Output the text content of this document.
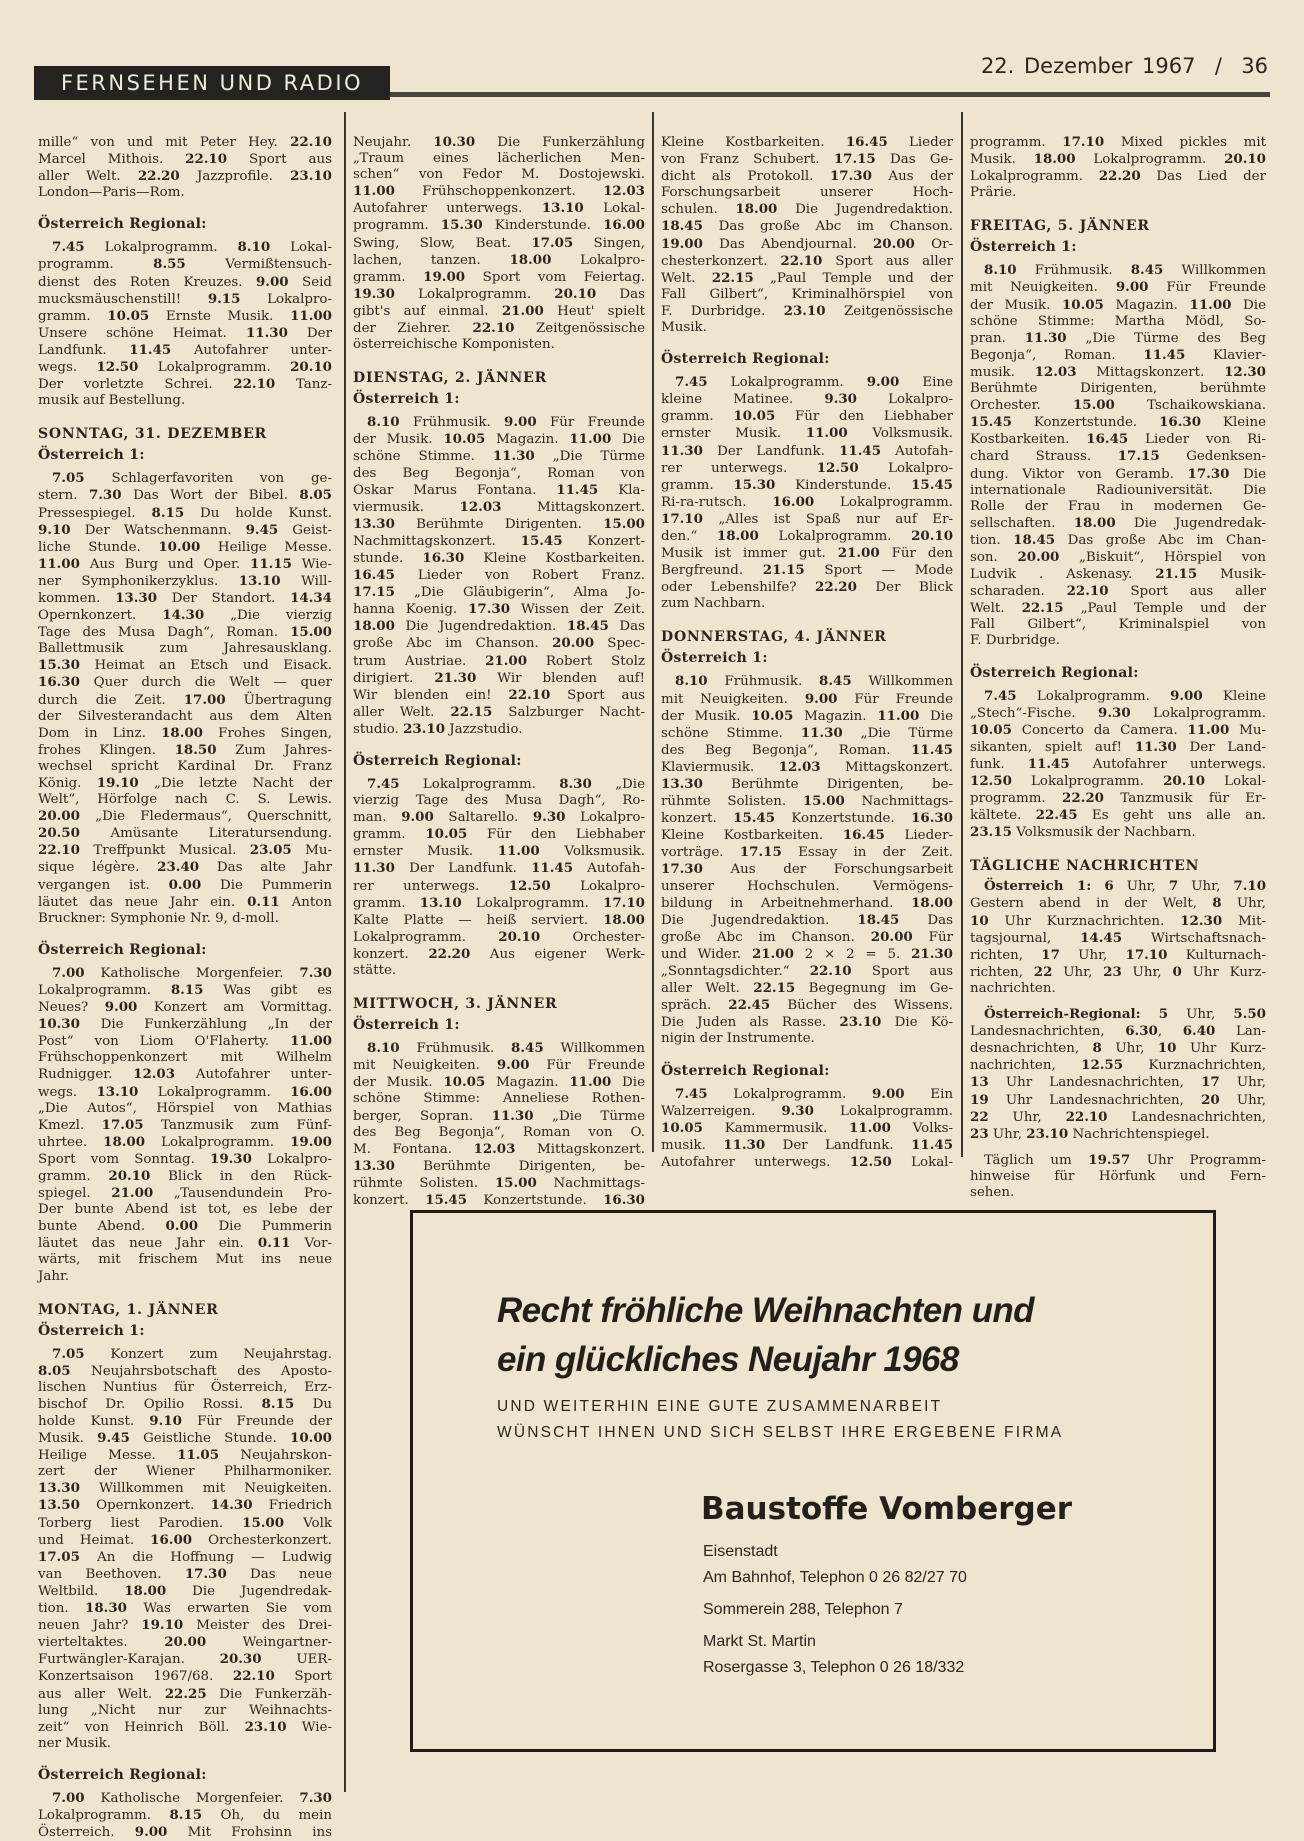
FERNSEHEN UND RADIO
22. Dezember 1967  /  36
mille“ von und mit Peter Hey. 22.10
Marcel Mithois. 22.10 Sport aus
aller Welt. 22.20 Jazzprofile. 23.10
London—Paris—Rom.
Österreich Regional:
7.45 Lokalprogramm. 8.10 Lokal-
programm. 8.55 Vermißtensuch-
dienst des Roten Kreuzes. 9.00 Seid
mucksmäuschenstill! 9.15 Lokalpro-
gramm. 10.05 Ernste Musik. 11.00
Unsere schöne Heimat. 11.30 Der
Landfunk. 11.45 Autofahrer unter-
wegs. 12.50 Lokalprogramm. 20.10
Der vorletzte Schrei. 22.10 Tanz-
musik auf Bestellung.
SONNTAG, 31. DEZEMBER
Österreich 1:
7.05 Schlagerfavoriten von ge-
stern. 7.30 Das Wort der Bibel. 8.05
Pressespiegel. 8.15 Du holde Kunst.
9.10 Der Watschenmann. 9.45 Geist-
liche Stunde. 10.00 Heilige Messe.
11.00 Aus Burg und Oper. 11.15 Wie-
ner Symphonikerzyklus. 13.10 Will-
kommen. 13.30 Der Standort. 14.34
Opernkonzert. 14.30 „Die vierzig
Tage des Musa Dagh“, Roman. 15.00
Ballettmusik zum Jahresausklang.
15.30 Heimat an Etsch und Eisack.
16.30 Quer durch die Welt — quer
durch die Zeit. 17.00 Übertragung
der Silvesterandacht aus dem Alten
Dom in Linz. 18.00 Frohes Singen,
frohes Klingen. 18.50 Zum Jahres-
wechsel spricht Kardinal Dr. Franz
König. 19.10 „Die letzte Nacht der
Welt“, Hörfolge nach C. S. Lewis.
20.00 „Die Fledermaus“, Querschnitt,
20.50 Amüsante Literatursendung.
22.10 Treffpunkt Musical. 23.05 Mu-
sique légère. 23.40 Das alte Jahr
vergangen ist. 0.00 Die Pummerin
läutet das neue Jahr ein. 0.11 Anton
Bruckner: Symphonie Nr. 9, d-moll.
Österreich Regional:
7.00 Katholische Morgenfeier. 7.30
Lokalprogramm. 8.15 Was gibt es
Neues? 9.00 Konzert am Vormittag.
10.30 Die Funkerzählung „In der
Post“ von Liom O'Flaherty. 11.00
Frühschoppenkonzert mit Wilhelm
Rudnigger. 12.03 Autofahrer unter-
wegs. 13.10 Lokalprogramm. 16.00
„Die Autos“, Hörspiel von Mathias
Kmezl. 17.05 Tanzmusik zum Fünf-
uhrtee. 18.00 Lokalprogramm. 19.00
Sport vom Sonntag. 19.30 Lokalpro-
gramm. 20.10 Blick in den Rück-
spiegel. 21.00 „Tausendundein Pro-
Der bunte Abend ist tot, es lebe der
bunte Abend. 0.00 Die Pummerin
läutet das neue Jahr ein. 0.11 Vor-
wärts, mit frischem Mut ins neue
Jahr.
MONTAG, 1. JÄNNER
Österreich 1:
7.05 Konzert zum Neujahrstag.
8.05 Neujahrsbotschaft des Aposto-
lischen Nuntius für Österreich, Erz-
bischof Dr. Opilio Rossi. 8.15 Du
holde Kunst. 9.10 Für Freunde der
Musik. 9.45 Geistliche Stunde. 10.00
Heilige Messe. 11.05 Neujahrskon-
zert der Wiener Philharmoniker.
13.30 Willkommen mit Neuigkeiten.
13.50 Opernkonzert. 14.30 Friedrich
Torberg liest Parodien. 15.00 Volk
und Heimat. 16.00 Orchesterkonzert.
17.05 An die Hoffnung — Ludwig
van Beethoven. 17.30 Das neue
Weltbild. 18.00 Die Jugendredak-
tion. 18.30 Was erwarten Sie vom
neuen Jahr? 19.10 Meister des Drei-
vierteltaktes. 20.00 Weingartner-
Furtwängler-Karajan. 20.30 UER-
Konzertsaison 1967/68. 22.10 Sport
aus aller Welt. 22.25 Die Funkerzäh-
lung „Nicht nur zur Weihnachts-
zeit“ von Heinrich Böll. 23.10 Wie-
ner Musik.
Österreich Regional:
7.00 Katholische Morgenfeier. 7.30
Lokalprogramm. 8.15 Oh, du mein
Österreich. 9.00 Mit Frohsinn ins
Neujahr. 10.30 Die Funkerzählung
„Traum eines lächerlichen Men-
schen“ von Fedor M. Dostojewski.
11.00 Frühschoppenkonzert. 12.03
Autofahrer unterwegs. 13.10 Lokal-
programm. 15.30 Kinderstunde. 16.00
Swing, Slow, Beat. 17.05 Singen,
lachen, tanzen. 18.00 Lokalpro-
gramm. 19.00 Sport vom Feiertag.
19.30 Lokalprogramm. 20.10 Das
gibt's auf einmal. 21.00 Heut' spielt
der Ziehrer. 22.10 Zeitgenössische
österreichische Komponisten.
DIENSTAG, 2. JÄNNER
Österreich 1:
8.10 Frühmusik. 9.00 Für Freunde
der Musik. 10.05 Magazin. 11.00 Die
schöne Stimme. 11.30 „Die Türme
des Beg Begonja“, Roman von
Oskar Marus Fontana. 11.45 Kla-
viermusik. 12.03 Mittagskonzert.
13.30 Berühmte Dirigenten. 15.00
Nachmittagskonzert. 15.45 Konzert-
stunde. 16.30 Kleine Kostbarkeiten.
16.45 Lieder von Robert Franz.
17.15 „Die Gläubigerin“, Alma Jo-
hanna Koenig. 17.30 Wissen der Zeit.
18.00 Die Jugendredaktion. 18.45 Das
große Abc im Chanson. 20.00 Spec-
trum Austriae. 21.00 Robert Stolz
dirigiert. 21.30 Wir blenden auf!
Wir blenden ein! 22.10 Sport aus
aller Welt. 22.15 Salzburger Nacht-
studio. 23.10 Jazzstudio.
Österreich Regional:
7.45 Lokalprogramm. 8.30 „Die
vierzig Tage des Musa Dagh“, Ro-
man. 9.00 Saltarello. 9.30 Lokalpro-
gramm. 10.05 Für den Liebhaber
ernster Musik. 11.00 Volksmusik.
11.30 Der Landfunk. 11.45 Autofah-
rer unterwegs. 12.50 Lokalpro-
gramm. 13.10 Lokalprogramm. 17.10
Kalte Platte — heiß serviert. 18.00
Lokalprogramm. 20.10 Orchester-
konzert. 22.20 Aus eigener Werk-
stätte.
MITTWOCH, 3. JÄNNER
Österreich 1:
8.10 Frühmusik. 8.45 Willkommen
mit Neuigkeiten. 9.00 Für Freunde
der Musik. 10.05 Magazin. 11.00 Die
schöne Stimme: Anneliese Rothen-
berger, Sopran. 11.30 „Die Türme
des Beg Begonja“, Roman von O.
M. Fontana. 12.03 Mittagskonzert.
13.30 Berühmte Dirigenten, be-
rühmte Solisten. 15.00 Nachmittags-
konzert. 15.45 Konzertstunde. 16.30
Kleine Kostbarkeiten. 16.45 Lieder
von Franz Schubert. 17.15 Das Ge-
dicht als Protokoll. 17.30 Aus der
Forschungsarbeit unserer Hoch-
schulen. 18.00 Die Jugendredaktion.
18.45 Das große Abc im Chanson.
19.00 Das Abendjournal. 20.00 Or-
chesterkonzert. 22.10 Sport aus aller
Welt. 22.15 „Paul Temple und der
Fall Gilbert“, Kriminalhörspiel von
F. Durbridge. 23.10 Zeitgenössische
Musik.
Österreich Regional:
7.45 Lokalprogramm. 9.00 Eine
kleine Matinee. 9.30 Lokalpro-
gramm. 10.05 Für den Liebhaber
ernster Musik. 11.00 Volksmusik.
11.30 Der Landfunk. 11.45 Autofah-
rer unterwegs. 12.50 Lokalpro-
gramm. 15.30 Kinderstunde. 15.45
Ri-ra-rutsch. 16.00 Lokalprogramm.
17.10 „Alles ist Spaß nur auf Er-
den.“ 18.00 Lokalprogramm. 20.10
Musik ist immer gut. 21.00 Für den
Bergfreund. 21.15 Sport — Mode
oder Lebenshilfe? 22.20 Der Blick
zum Nachbarn.
DONNERSTAG, 4. JÄNNER
Österreich 1:
8.10 Frühmusik. 8.45 Willkommen
mit Neuigkeiten. 9.00 Für Freunde
der Musik. 10.05 Magazin. 11.00 Die
schöne Stimme. 11.30 „Die Türme
des Beg Begonja“, Roman. 11.45
Klaviermusik. 12.03 Mittagskonzert.
13.30 Berühmte Dirigenten, be-
rühmte Solisten. 15.00 Nachmittags-
konzert. 15.45 Konzertstunde. 16.30
Kleine Kostbarkeiten. 16.45 Lieder-
vorträge. 17.15 Essay in der Zeit.
17.30 Aus der Forschungsarbeit
unserer Hochschulen. Vermögens-
bildung in Arbeitnehmerhand. 18.00
Die Jugendredaktion. 18.45 Das
große Abc im Chanson. 20.00 Für
und Wider. 21.00 2 × 2 = 5. 21.30
„Sonntagsdichter.“ 22.10 Sport aus
aller Welt. 22.15 Begegnung im Ge-
spräch. 22.45 Bücher des Wissens.
Die Juden als Rasse. 23.10 Die Kö-
nigin der Instrumente.
Österreich Regional:
7.45 Lokalprogramm. 9.00 Ein
Walzerreigen. 9.30 Lokalprogramm.
10.05 Kammermusik. 11.00 Volks-
musik. 11.30 Der Landfunk. 11.45
Autofahrer unterwegs. 12.50 Lokal-
programm. 17.10 Mixed pickles mit
Musik. 18.00 Lokalprogramm. 20.10
Lokalprogramm. 22.20 Das Lied der
Prärie.
FREITAG, 5. JÄNNER
Österreich 1:
8.10 Frühmusik. 8.45 Willkommen
mit Neuigkeiten. 9.00 Für Freunde
der Musik. 10.05 Magazin. 11.00 Die
schöne Stimme: Martha Mödl, So-
pran. 11.30 „Die Türme des Beg
Begonja“, Roman. 11.45 Klavier-
musik. 12.03 Mittagskonzert. 12.30
Berühmte Dirigenten, berühmte
Orchester. 15.00 Tschaikowskiana.
15.45 Konzertstunde. 16.30 Kleine
Kostbarkeiten. 16.45 Lieder von Ri-
chard Strauss. 17.15 Gedenksen-
dung. Viktor von Geramb. 17.30 Die
internationale Radiouniversität. Die
Rolle der Frau in modernen Ge-
sellschaften. 18.00 Die Jugendredak-
tion. 18.45 Das große Abc im Chan-
son. 20.00 „Biskuit“, Hörspiel von
Ludvik . Askenasy. 21.15 Musik-
scharaden. 22.10 Sport aus aller
Welt. 22.15 „Paul Temple und der
Fall Gilbert“, Kriminalspiel von
F. Durbridge.
Österreich Regional:
7.45 Lokalprogramm. 9.00 Kleine
„Stech“-Fische. 9.30 Lokalprogramm.
10.05 Concerto da Camera. 11.00 Mu-
sikanten, spielt auf! 11.30 Der Land-
funk. 11.45 Autofahrer unterwegs.
12.50 Lokalprogramm. 20.10 Lokal-
programm. 22.20 Tanzmusik für Er-
kältete. 22.45 Es geht uns alle an.
23.15 Volksmusik der Nachbarn.
TÄGLICHE NACHRICHTEN
Österreich 1: 6 Uhr, 7 Uhr, 7.10
Gestern abend in der Welt, 8 Uhr,
10 Uhr Kurznachrichten. 12.30 Mit-
tagsjournal, 14.45 Wirtschaftsnach-
richten, 17 Uhr, 17.10 Kulturnach-
richten, 22 Uhr, 23 Uhr, 0 Uhr Kurz-
nachrichten.
Österreich-Regional: 5 Uhr, 5.50
Landesnachrichten, 6.30, 6.40 Lan-
desnachrichten, 8 Uhr, 10 Uhr Kurz-
nachrichten, 12.55 Kurznachrichten,
13 Uhr Landesnachrichten, 17 Uhr,
19 Uhr Landesnachrichten, 20 Uhr,
22 Uhr, 22.10 Landesnachrichten,
23 Uhr, 23.10 Nachrichtenspiegel.
Täglich um 19.57 Uhr Programm-
hinweise für Hörfunk und Fern-
sehen.
Recht fröhliche Weihnachten und
ein glückliches Neujahr 1968
UND WEITERHIN EINE GUTE ZUSAMMENARBEIT
WÜNSCHT IHNEN UND SICH SELBST IHRE ERGEBENE FIRMA
Baustoffe Vomberger
Eisenstadt
Am Bahnhof, Telephon 0 26 82/27 70
Sommerein 288, Telephon 7
Markt St. Martin
Rosergasse 3, Telephon 0 26 18/332
